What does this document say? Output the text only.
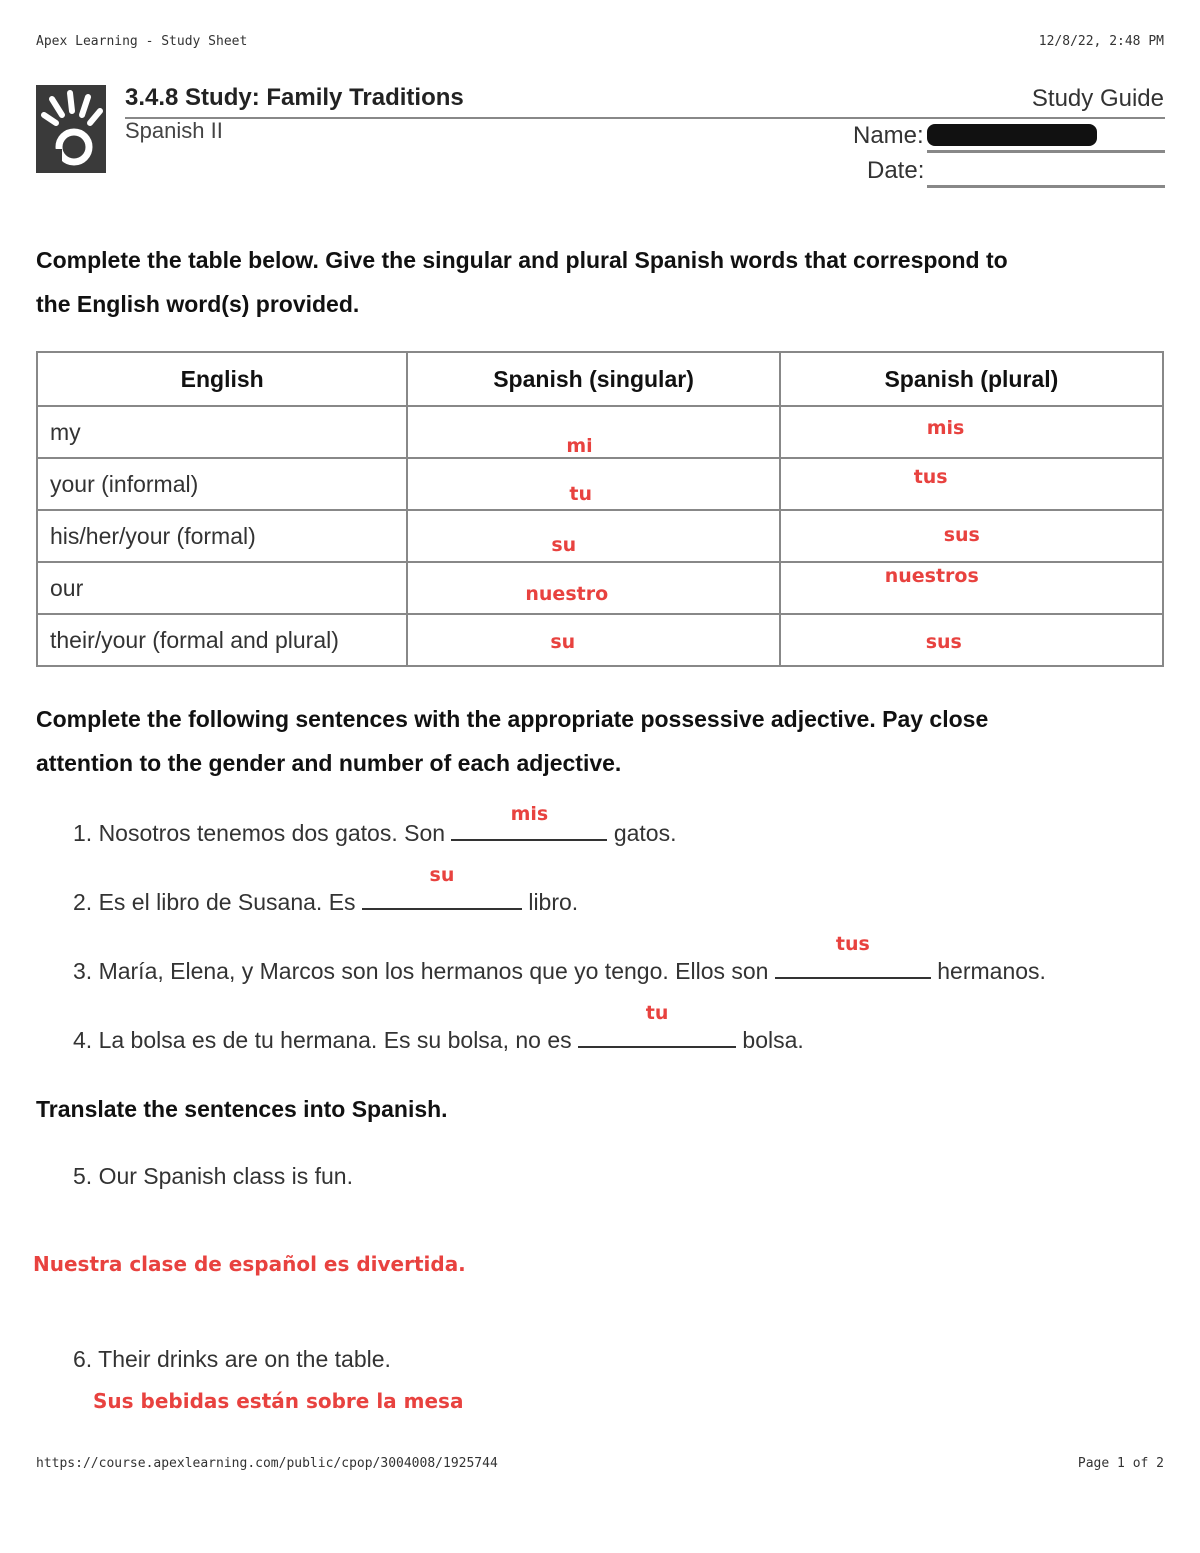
Apex Learning - Study Sheet	12/8/22, 2:48 PM
3.4.8 Study: Family Traditions	Study Guide
Spanish II	Name:
Date:
Complete the table below. Give the singular and plural Spanish words that correspond to
the English word(s) provided.
English	Spanish (singular)	Spanish (plural)
my	mi	mis

your (informal)	tu	tus

his/her/your (formal)	su	sus

our	nuestro	nuestros

their/your (formal and plural)	su	sus
Complete the following sentences with the appropriate possessive adjective. Pay close
attention to the gender and number of each adjective.
1. Nosotros tenemos dos gatos. Son
mis
gatos.
2. Es el libro de Susana. Es
su
libro.
3. María, Elena, y Marcos son los hermanos que yo tengo. Ellos son
tus
hermanos.
4. La bolsa es de tu hermana. Es su bolsa, no es
tu
bolsa.
Translate the sentences into Spanish.
5. Our Spanish class is fun.
Nuestra clase de español es divertida.
6. Their drinks are on the table.
Sus bebidas están sobre la mesa
https://course.apexlearning.com/public/cpop/3004008/1925744	Page 1 of 2
